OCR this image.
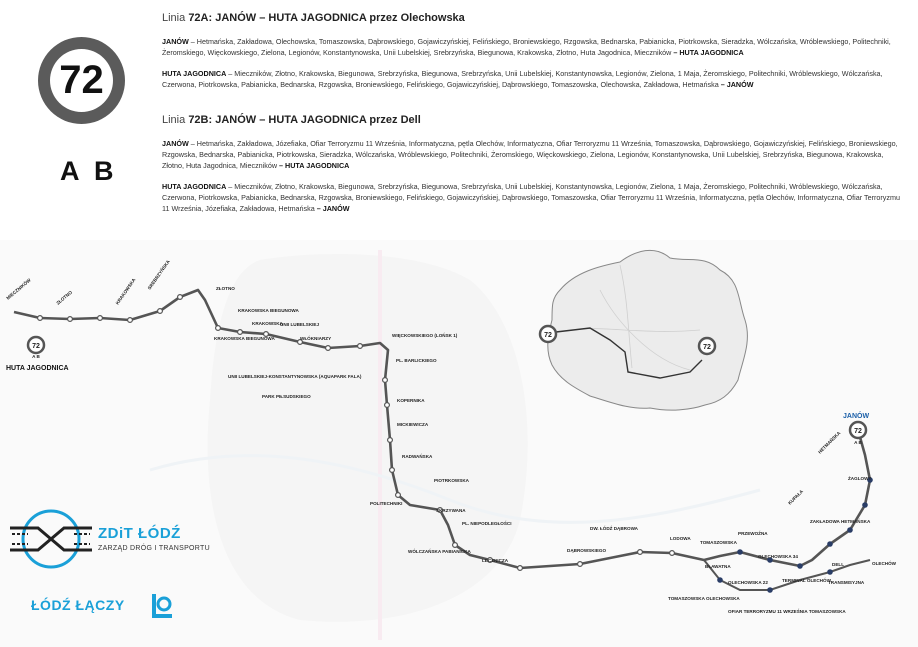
72
A B
Linia 72A: JANÓW – HUTA JAGODNICA przez Olechowska
JANÓW – Hetmańska, Zakładowa, Olechowska, Tomaszowska, Dąbrowskiego, Gojawiczyńskiej, Felińskiego, Broniewskiego, Rzgowska, Bednarska, Pabianicka, Piotrkowska, Sieradzka, Wólczańska, Wróblewskiego, Politechniki, Żeromskiego, Więckowskiego, Zielona, Legionów, Konstantynowska, Unii Lubelskiej, Srebrzyńska, Biegunowa, Krakowska, Złotno, Huta Jagodnica, Mieczników – HUTA JAGODNICA
HUTA JAGODNICA – Mieczników, Złotno, Krakowska, Biegunowa, Srebrzyńska, Biegunowa, Srebrzyńska, Unii Lubelskiej, Konstantynowska, Legionów, Zielona, 1 Maja, Żeromskiego, Politechniki, Wróblewskiego, Wólczańska, Czerwona, Piotrkowska, Pabianicka, Bednarska, Rzgowska, Broniewskiego, Felińskiego, Gojawiczyńskiej, Dąbrowskiego, Tomaszowska, Olechowska, Zakładowa, Hetmańska – JANÓW
Linia 72B: JANÓW – HUTA JAGODNICA przez Dell
JANÓW – Hetmańska, Zakładowa, Józefiaka, Ofiar Terroryzmu 11 Września, Informatyczna, pętla Olechów, Informatyczna, Ofiar Terroryzmu 11 Września, Tomaszowska, Dąbrowskiego, Gojawiczyńskiej, Felińskiego, Broniewskiego, Rzgowska, Bednarska, Pabianicka, Piotrkowska, Sieradzka, Wólczańska, Wróblewskiego, Politechniki, Żeromskiego, Więckowskiego, Zielona, Legionów, Konstantynowska, Unii Lubelskiej, Srebrzyńska, Biegunowa, Krakowska, Złotno, Huta Jagodnica, Mieczników – HUTA JAGODNICA
HUTA JAGODNICA – Mieczników, Złotno, Krakowska, Biegunowa, Srebrzyńska, Biegunowa, Srebrzyńska, Unii Lubelskiej, Konstantynowska, Legionów, Zielona, 1 Maja, Żeromskiego, Politechniki, Wróblewskiego, Wólczańska, Czerwona, Piotrkowska, Pabianicka, Bednarska, Rzgowska, Broniewskiego, Felińskiego, Gojawiczyńskiej, Dąbrowskiego, Tomaszowska, Ofiar Terroryzmu 11 Września, Informatyczna, pętla Olechów, Informatyczna, Ofiar Terroryzmu 11 Września, Józefiaka, Zakładowa, Hetmańska – JANÓW
72
72
72
A B
HUTA JAGODNICA
72
A B
JANÓW
MIECZNIKÓW	ZŁOTNO	KRAKOWSKA
SREBRZYŃSKA	ZŁOTNO
KRAKOWSKA BIEGUNOWA
KRAKOWSKA
UNII LUBELSKIEJ
KRAKOWSKA BIEGUNOWA
UNII LUBELSKIEJ-KONSTANTYNOWSKA (AQUAPARK FALA)
PARK PIŁSUDSKIEGO
WŁÓKNIARZY
WIĘCKOWSKIEGO (LOŃSK 1)
PL. BARLICKIEGO
KOPERNIKA
MICKIEWICZA
RADWAŃSKA
POLITECHNIKI
PIOTRKOWSKA
SKRZYWANA
PL. NIEPODLEGŁOŚCI
WÓLCZAŃSKA PABIANICKA
LECZNICZA
DĄBROWSKIEGO
DW. ŁÓDŹ DĄBROWA
LODOWA
TOMASZOWSKA
PRZEWOŹNA
OLECHOWSKA 34
OLECHOWSKA 22
BŁAWATNA
TERMINAL OLECHÓW
OFIAR TERRORYZMU 11 WRZEŚNIA TOMASZOWSKA
TOMASZOWSKA OLECHOWSKA
DELL	OLECHÓW
TRANSMISYJNA
ZAKŁADOWA HETMAŃSKA
ŻAGLOWY
HETMAŃSKA
KUPAŁA
ZDiT ŁÓDŹ
ZARZĄD DRÓG I TRANSPORTU
ŁÓDŹ ŁĄCZY
